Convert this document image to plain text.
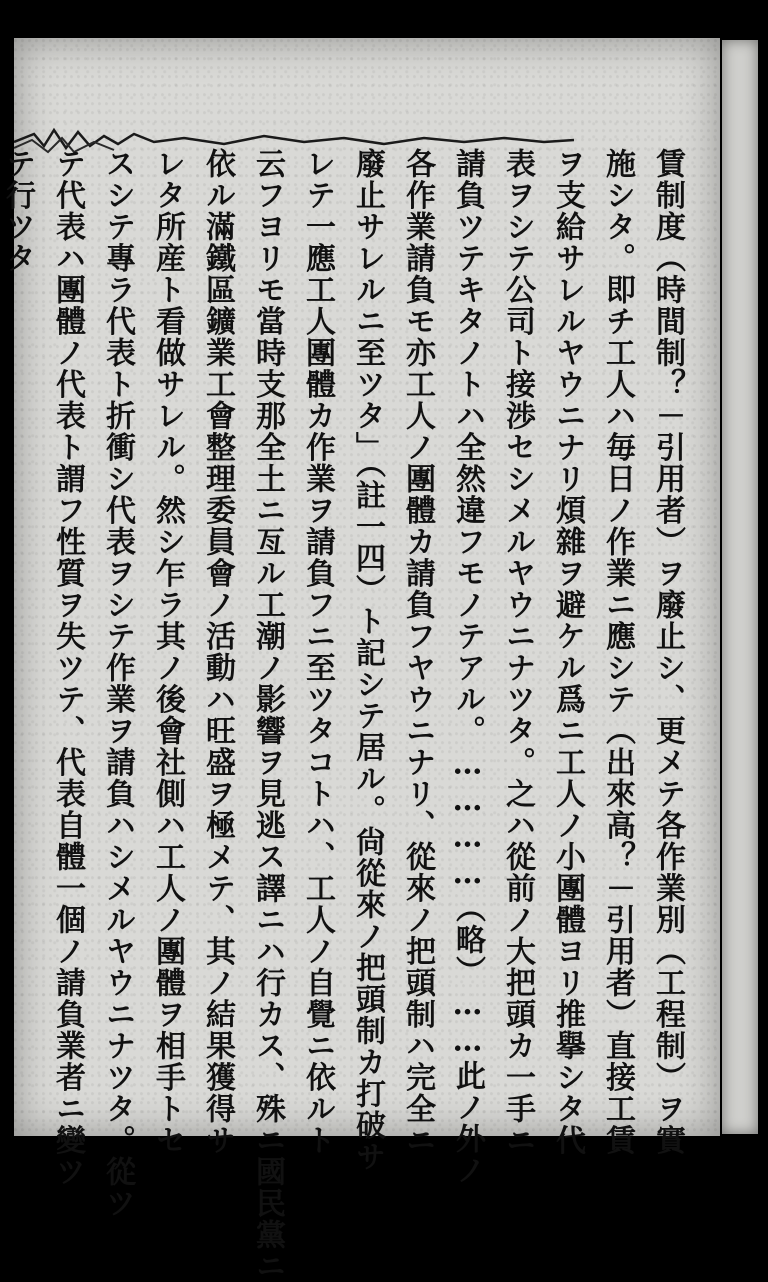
賃制度（時間制？－引用者）ヲ廢止シ、更メテ各作業別（工程制）ヲ實
施シタ。即チ工人ハ毎日ノ作業ニ應シテ（出來高？－引用者）直接工賃
ヲ支給サレルヤウニナリ煩雜ヲ避ケル爲ニ工人ノ小團體ヨリ推擧シタ代
表ヲシテ公司ト接渉セシメルヤウニナツタ。之ハ從前ノ大把頭カ一手ニ
請負ツテキタノトハ全然違フモノテアル。…………（略）……此ノ外ノ
各作業請負モ亦工人ノ團體カ請負フヤウニナリ、從來ノ把頭制ハ完全ニ
廢止サレルニ至ツタ」（註一四）ト記シテ居ル。尙從來ノ把頭制カ打破サ
レテ一應工人團體カ作業ヲ請負フニ至ツタコトハ、工人ノ自覺ニ依ルト
云フヨリモ當時支那全土ニ亙ル工潮ノ影響ヲ見逃ス譯ニハ行カス、殊ニ國民黨ニ
依ル滿鐵區鑛業工會整理委員會ノ活動ハ旺盛ヲ極メテ、其ノ結果獲得サ
レタ所産ト看做サレル。然シ乍ラ其ノ後會社側ハ工人ノ團體ヲ相手トセ
スシテ專ラ代表ト折衝シ代表ヲシテ作業ヲ請負ハシメルヤウニナツタ。從ツ
テ代表ハ團體ノ代表ト謂フ性質ヲ失ツテ、代表自體一個ノ請負業者ニ變ツ
テ行ツタ
